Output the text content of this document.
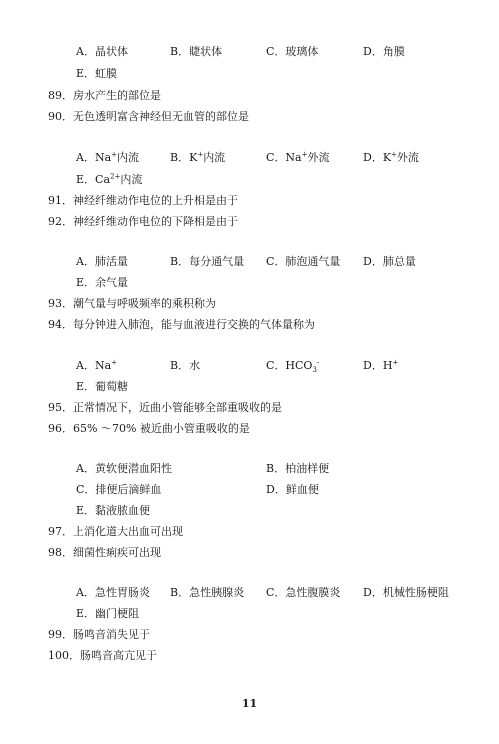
A．晶状体	B．睫状体	C．玻璃体	D．角膜
E．虹膜
89．房水产生的部位是
90．无色透明富含神经但无血管的部位是
A．Na+内流	B．K+内流	C．Na+外流	D．K+外流
E．$Ca^{2+}$内流
91．神经纤维动作电位的上升相是由于
92．神经纤维动作电位的下降相是由于
A．肺活量	B．每分通气量 C．肺泡通气量 D．肺总量
E．余气量
93．潮气量与呼吸频率的乘积称为
94．每分钟进入肺泡，能与血液进行交换的气体量称为
A．Na+	B．水	C．$HCO_3^-$	D．H+
E．葡萄糖
95．正常情况下，近曲小管能够全部重吸收的是
96．65% ～70% 被近曲小管重吸收的是
A．黄软便潜血阳性	B．柏油样便
C．排便后滴鲜血	D．鲜血便
E．黏液脓血便
97．上消化道大出血可出现
98．细菌性痢疾可出现
A．急性胃肠炎 B．急性胰腺炎 C．急性腹膜炎 D．机械性肠梗阻
E．幽门梗阻
99．肠鸣音消失见于
100．肠鸣音高亢见于
11
